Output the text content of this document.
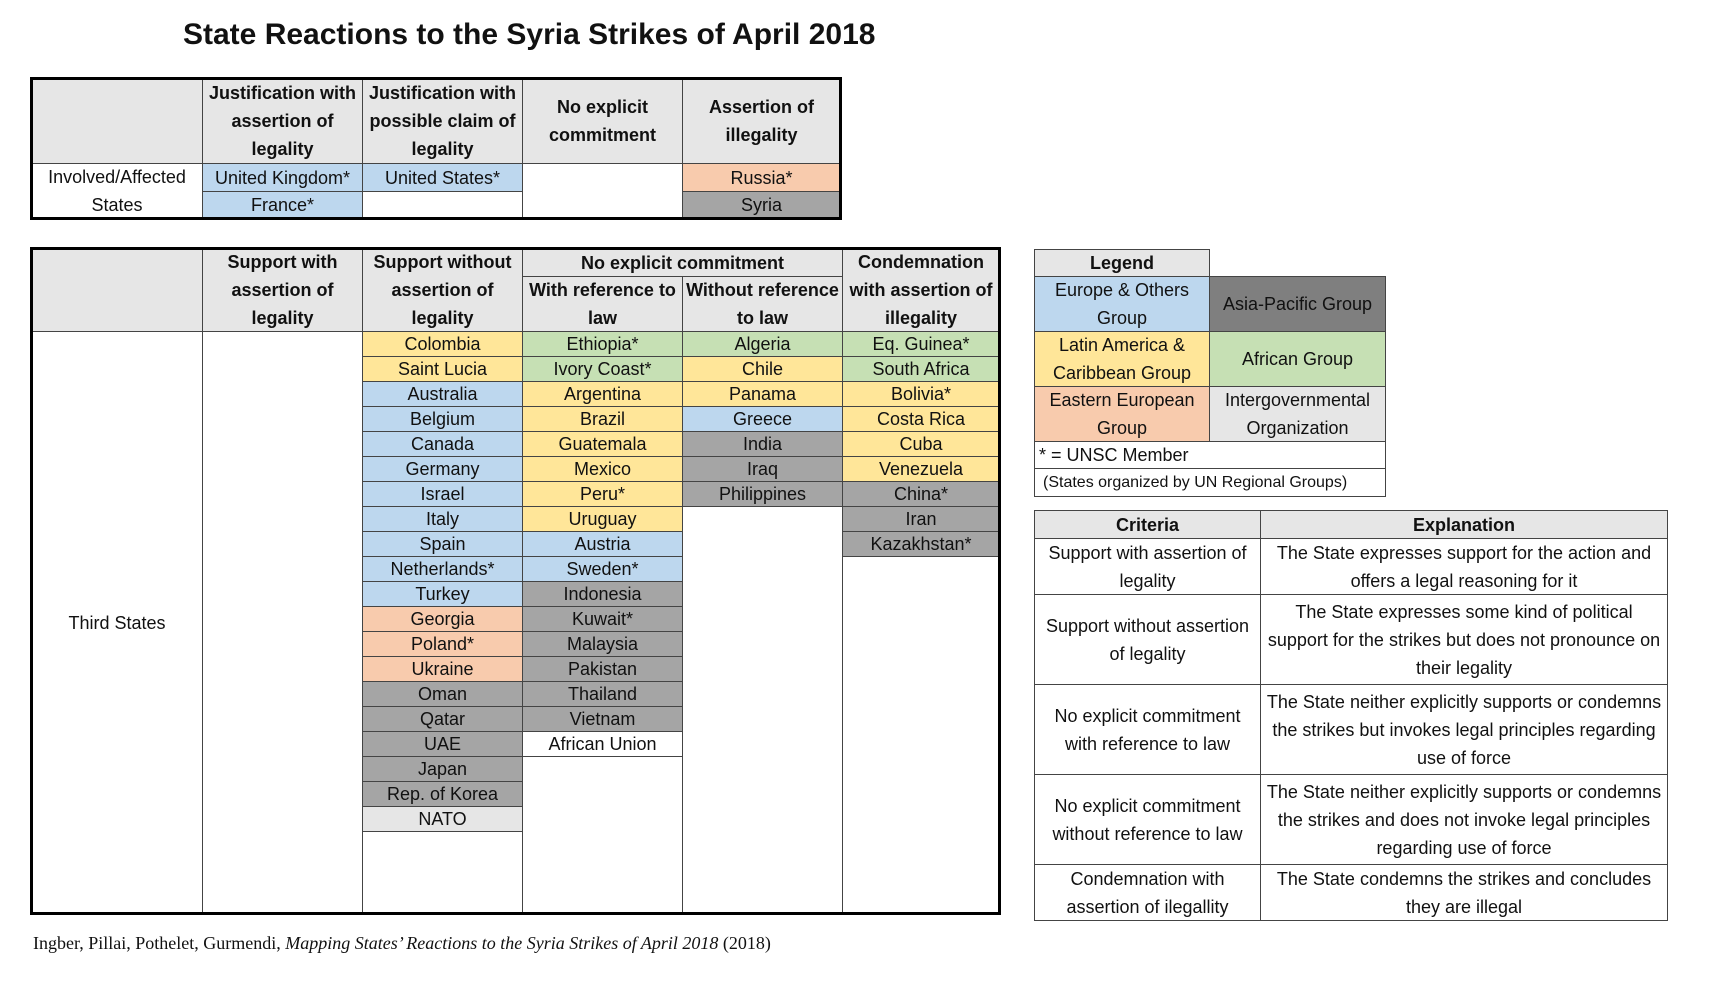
State Reactions to the Syria Strikes of April 2018
Justification with assertion of legality
Justification with possible claim of legality
No explicit commitment
Assertion of illegality
Involved/Affected States
United Kingdom*
France*
United States*	Russia*
Syria
Support with assertion of legality
Support without assertion of legality
No explicit commitment
With reference to law
Without reference to law
Condemnation with assertion of illegality
Third States
Colombia
Saint Lucia
Australia
Belgium
Canada
Germany
Israel
Italy
Spain
Netherlands*
Turkey
Georgia
Poland*
Ukraine
Oman
Qatar
UAE
Japan
Rep. of Korea
NATO
Ethiopia*
Ivory Coast*
Argentina
Brazil
Guatemala
Mexico
Peru*
Uruguay
Austria
Sweden*
Indonesia
Kuwait*
Malaysia
Pakistan
Thailand
Vietnam
African Union
Algeria
Chile
Panama
Greece
India
Iraq
Philippines
Eq. Guinea*
South Africa
Bolivia*
Costa Rica
Cuba
Venezuela
China*
Iran
Kazakhstan*
Legend
Europe & Others Group
Asia-Pacific Group
Latin America & Caribbean Group
African Group
Eastern European Group
Intergovernmental Organization
* = UNSC Member
(States organized by UN Regional Groups)
Criteria	Explanation
Support with assertion of legality
The State expresses support for the action and offers a legal reasoning for it
Support without assertion of legality
The State expresses some kind of political support for the strikes but does not pronounce on their legality
No explicit commitment with reference to law
The State neither explicitly supports or condemns the strikes but invokes legal principles regarding use of force
No explicit commitment without reference to law
The State neither explicitly supports or condemns the strikes and does not invoke legal principles regarding use of force
Condemnation with assertion of ilegallity
The State condemns the strikes and concludes they are illegal
Ingber, Pillai, Pothelet, Gurmendi, Mapping States’ Reactions to the Syria Strikes of April 2018 (2018)
